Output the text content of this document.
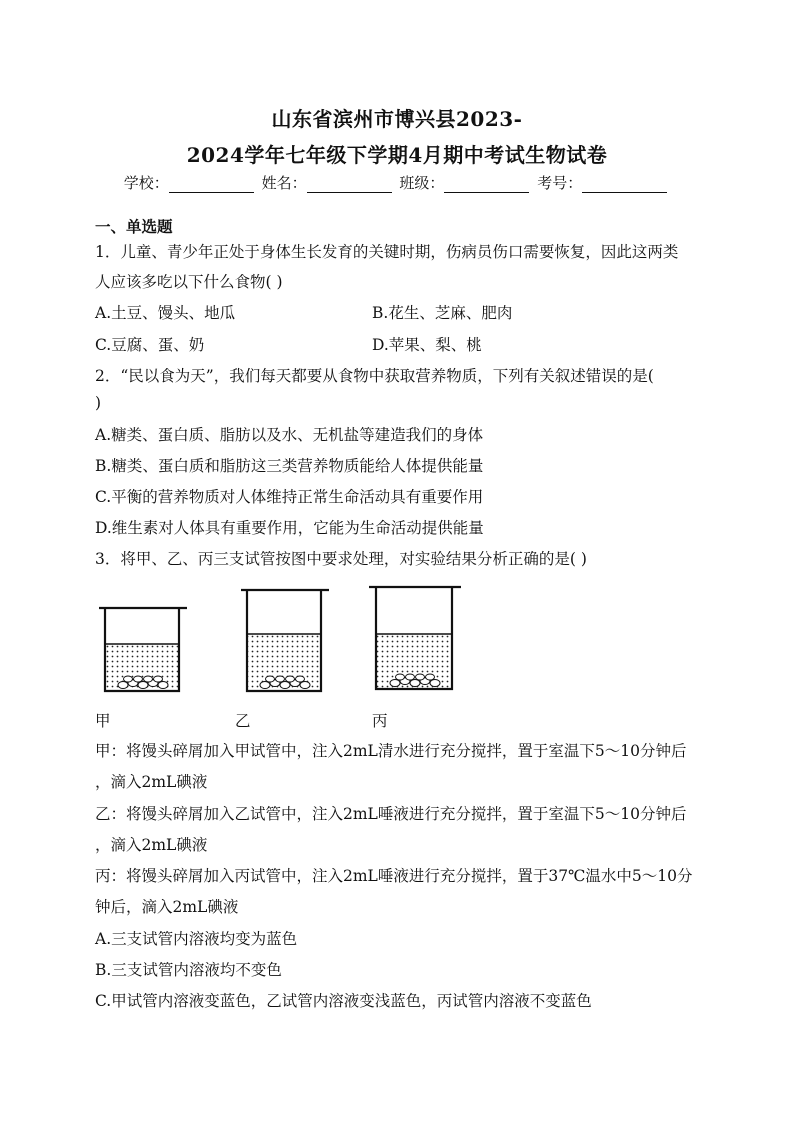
山东省滨州市博兴县2023-
2024学年七年级下学期4月期中考试生物试卷
学校：	姓名：	班级：	考号：
一、单选题
1．儿童、青少年正处于身体生长发育的关键时期，伤病员伤口需要恢复，因此这两类
人应该多吃以下什么食物( )
A.土豆、馒头、地瓜	B.花生、芝麻、肥肉
C.豆腐、蛋、奶	D.苹果、梨、桃
2．“民以食为天”，我们每天都要从食物中获取营养物质，下列有关叙述错误的是(
)
A.糖类、蛋白质、脂肪以及水、无机盐等建造我们的身体
B.糖类、蛋白质和脂肪这三类营养物质能给人体提供能量
C.平衡的营养物质对人体维持正常生命活动具有重要作用
D.维生素对人体具有重要作用，它能为生命活动提供能量
3．将甲、乙、丙三支试管按图中要求处理，对实验结果分析正确的是( )
甲	乙	丙
甲：将馒头碎屑加入甲试管中，注入2mL清水进行充分搅拌，置于室温下5～10分钟后
，滴入2mL碘液
乙：将馒头碎屑加入乙试管中，注入2mL唾液进行充分搅拌，置于室温下5～10分钟后
，滴入2mL碘液
丙：将馒头碎屑加入丙试管中，注入2mL唾液进行充分搅拌，置于37℃温水中5～10分
钟后，滴入2mL碘液
A.三支试管内溶液均变为蓝色
B.三支试管内溶液均不变色
C.甲试管内溶液变蓝色，乙试管内溶液变浅蓝色，丙试管内溶液不变蓝色
